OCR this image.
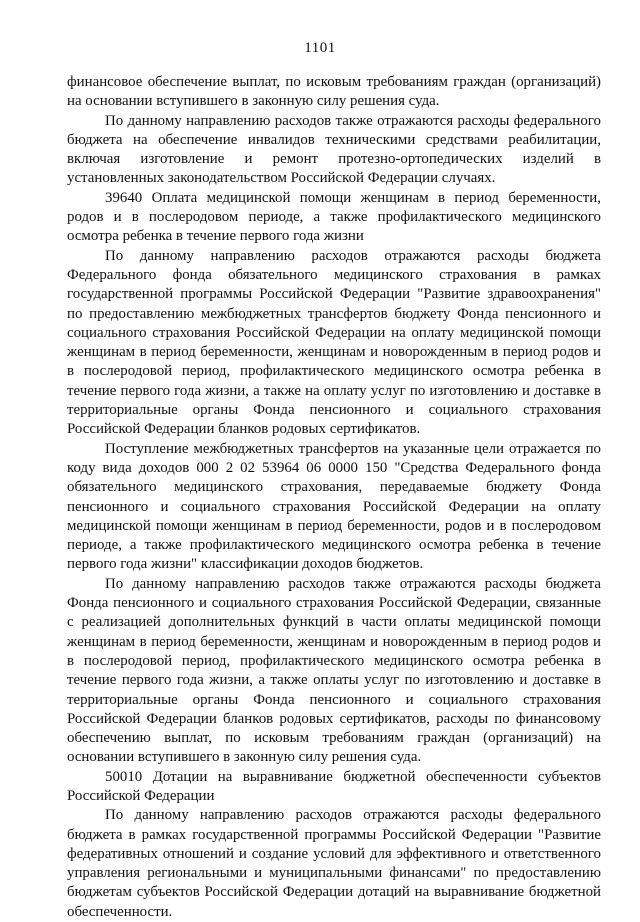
1101

финансовое обеспечение выплат, по исковым требованиям граждан (организаций) на основании вступившего в законную силу решения суда.

По данному направлению расходов также отражаются расходы федерального бюджета на обеспечение инвалидов техническими средствами реабилитации, включая изготовление и ремонт протезно-ортопедических изделий в установленных законодательством Российской Федерации случаях.

39640 Оплата медицинской помощи женщинам в период беременности, родов и в послеродовом периоде, а также профилактического медицинского осмотра ребенка в течение первого года жизни

По данному направлению расходов отражаются расходы бюджета Федерального фонда обязательного медицинского страхования в рамках государственной программы Российской Федерации "Развитие здравоохранения" по предоставлению межбюджетных трансфертов бюджету Фонда пенсионного и социального страхования Российской Федерации на оплату медицинской помощи женщинам в период беременности, женщинам и новорожденным в период родов и в послеродовой период, профилактического медицинского осмотра ребенка в течение первого года жизни, а также на оплату услуг по изготовлению и доставке в территориальные органы Фонда пенсионного и социального страхования Российской Федерации бланков родовых сертификатов.

Поступление межбюджетных трансфертов на указанные цели отражается по коду вида доходов 000 2 02 53964 06 0000 150 "Средства Федерального фонда обязательного медицинского страхования, передаваемые бюджету Фонда пенсионного и социального страхования Российской Федерации на оплату медицинской помощи женщинам в период беременности, родов и в послеродовом периоде, а также профилактического медицинского осмотра ребенка в течение первого года жизни" классификации доходов бюджетов.

По данному направлению расходов также отражаются расходы бюджета Фонда пенсионного и социального страхования Российской Федерации, связанные с реализацией дополнительных функций в части оплаты медицинской помощи женщинам в период беременности, женщинам и новорожденным в период родов и в послеродовой период, профилактического медицинского осмотра ребенка в течение первого года жизни, а также оплаты услуг по изготовлению и доставке в территориальные органы Фонда пенсионного и социального страхования Российской Федерации бланков родовых сертификатов, расходы по финансовому обеспечению выплат, по исковым требованиям граждан (организаций) на основании вступившего в законную силу решения суда.

50010 Дотации на выравнивание бюджетной обеспеченности субъектов Российской Федерации

По данному направлению расходов отражаются расходы федерального бюджета в рамках государственной программы Российской Федерации "Развитие федеративных отношений и создание условий для эффективного и ответственного управления региональными и муниципальными финансами" по предоставлению бюджетам субъектов Российской Федерации дотаций на выравнивание бюджетной обеспеченности.
